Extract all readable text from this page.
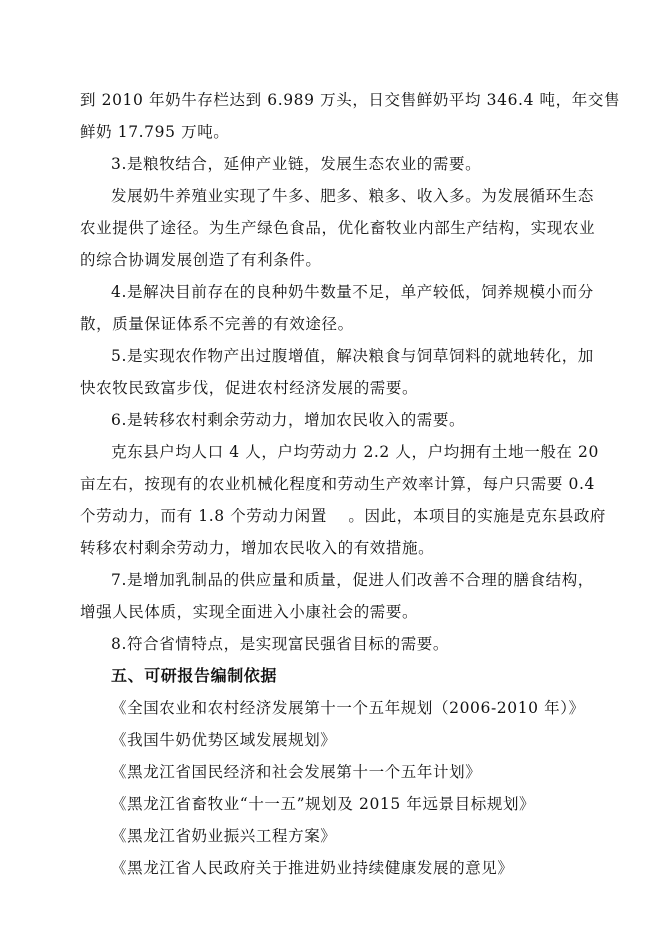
到 2010 年奶牛存栏达到 6.989 万头，日交售鲜奶平均 346.4 吨，年交售
鲜奶 17.795 万吨。
3.是粮牧结合，延伸产业链，发展生态农业的需要。
发展奶牛养殖业实现了牛多、肥多、粮多、收入多。为发展循环生态
农业提供了途径。为生产绿色食品，优化畜牧业内部生产结构，实现农业
的综合协调发展创造了有利条件。
4.是解决目前存在的良种奶牛数量不足，单产较低，饲养规模小而分
散，质量保证体系不完善的有效途径。
5.是实现农作物产出过腹增值，解决粮食与饲草饲料的就地转化，加
快农牧民致富步伐，促进农村经济发展的需要。
6.是转移农村剩余劳动力，增加农民收入的需要。
克东县户均人口 4 人，户均劳动力 2.2 人，户均拥有土地一般在 20
亩左右，按现有的农业机械化程度和劳动生产效率计算，每户只需要 0.4
个劳动力，而有 1.8 个劳动力闲置　 。因此，本项目的实施是克东县政府
转移农村剩余劳动力，增加农民收入的有效措施。
7.是增加乳制品的供应量和质量，促进人们改善不合理的膳食结构，
增强人民体质，实现全面进入小康社会的需要。
8.符合省情特点，是实现富民强省目标的需要。
五、可研报告编制依据
《全国农业和农村经济发展第十一个五年规划（2006-2010 年）》
《我国牛奶优势区域发展规划》
《黑龙江省国民经济和社会发展第十一个五年计划》
《黑龙江省畜牧业“十一五”规划及 2015 年远景目标规划》
《黑龙江省奶业振兴工程方案》
《黑龙江省人民政府关于推进奶业持续健康发展的意见》
